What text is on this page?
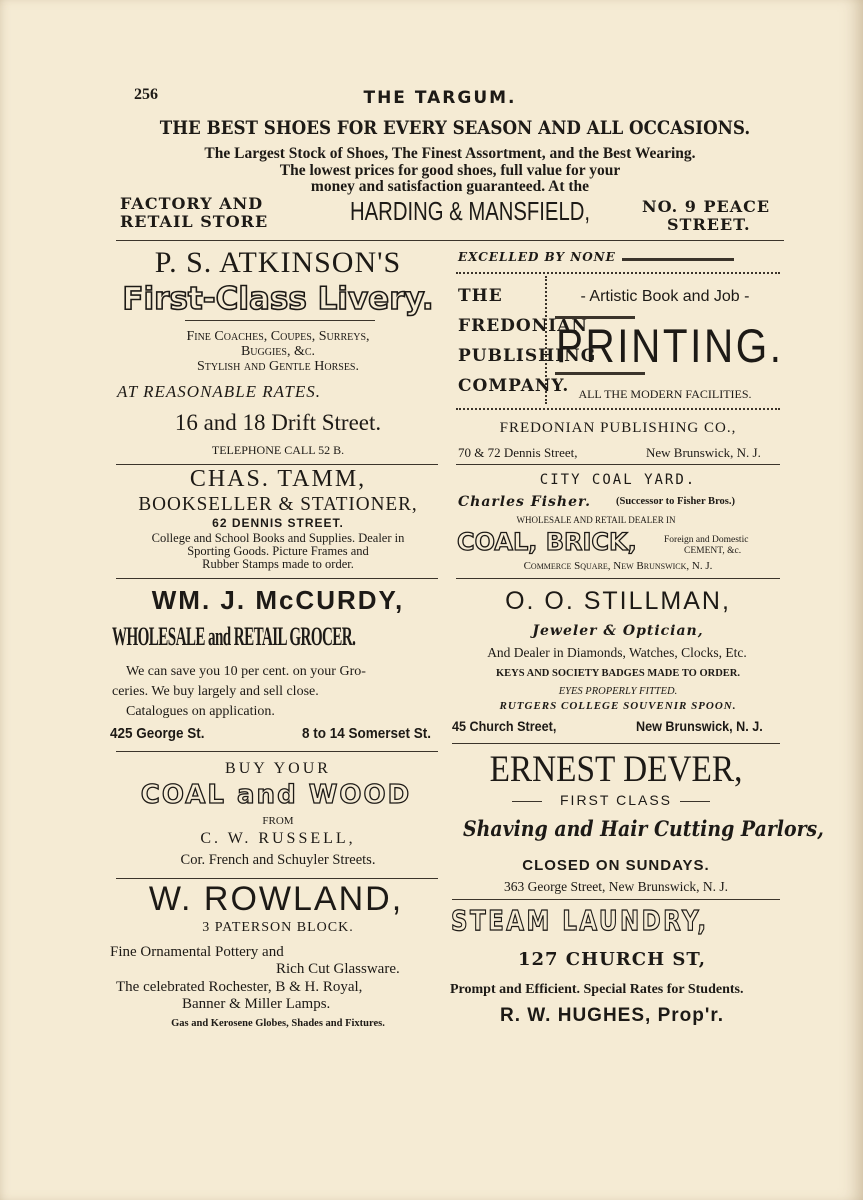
256	THE TARGUM.
THE BEST SHOES FOR EVERY SEASON AND ALL OCCASIONS.
The Largest Stock of Shoes, The Finest Assortment, and the Best Wearing.
The lowest prices for good shoes, full value for your
money and satisfaction guaranteed. At the
FACTORY AND
RETAIL STORE	HARDING & MANSFIELD,	NO. 9 PEACE
STREET.
P. S. ATKINSON'S
First-Class Livery.
Fine Coaches, Coupes, Surreys,
Buggies, &c.
Stylish and Gentle Horses.
AT REASONABLE RATES.
16 and 18 Drift Street.
TELEPHONE CALL 52 B.
EXCELLED BY NONE
THE
FREDONIAN
PUBLISHING
COMPANY.
- Artistic Book and Job -
PRINTING.
ALL THE MODERN FACILITIES.
FREDONIAN PUBLISHING CO.,
70 & 72 Dennis Street,	New Brunswick, N. J.
CHAS. TAMM,
BOOKSELLER & STATIONER,
62 DENNIS STREET.
College and School Books and Supplies. Dealer in
Sporting Goods. Picture Frames and
Rubber Stamps made to order.
CITY COAL YARD.
Charles Fisher. (Successor to Fisher Bros.)
WHOLESALE AND RETAIL DEALER IN
COAL, BRICK,	Foreign and Domestic
CEMENT, &c.
Commerce Square, New Brunswick, N. J.
WM. J. McCURDY,
WHOLESALE and RETAIL GROCER.
We can save you 10 per cent. on your Gro-
ceries. We buy largely and sell close.
Catalogues on application.
425 George St.	8 to 14 Somerset St.
O. O. STILLMAN,
Jeweler & Optician,
And Dealer in Diamonds, Watches, Clocks, Etc.
KEYS AND SOCIETY BADGES MADE TO ORDER.
EYES PROPERLY FITTED.
RUTGERS COLLEGE SOUVENIR SPOON.
45 Church Street,	New Brunswick, N. J.
BUY YOUR
COAL and WOOD
FROM
C. W. RUSSELL,
Cor. French and Schuyler Streets.
ERNEST DEVER,
FIRST CLASS
Shaving and Hair Cutting Parlors,
CLOSED ON SUNDAYS.
363 George Street, New Brunswick, N. J.
W. ROWLAND,
3 PATERSON BLOCK.
Fine Ornamental Pottery and
Rich Cut Glassware.
The celebrated Rochester, B & H. Royal,
Banner & Miller Lamps.
Gas and Kerosene Globes, Shades and Fixtures.
STEAM LAUNDRY,
127 CHURCH ST,
Prompt and Efficient. Special Rates for Students.
R. W. HUGHES, Prop'r.
